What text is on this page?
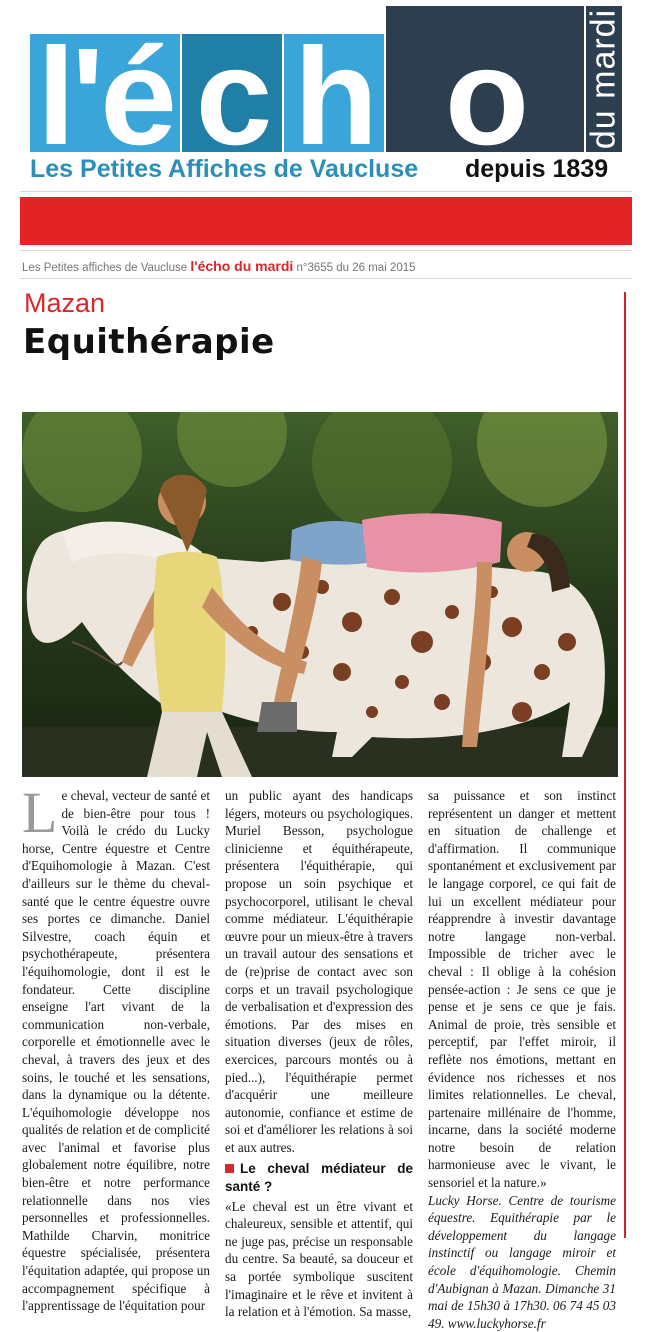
l'é c h o	du mardi
Les Petites Affiches de Vaucluse depuis 1839
Les Petites affiches de Vaucluse l'écho du mardi n°3655 du 26 mai 2015
Mazan
Equithérapie

Le cheval, vecteur de santé et de bien-être pour tous ! Voilà le crédo du Lucky horse, Centre équestre et Centre d'Equihomologie à Mazan. C'est d'ailleurs sur le thème du cheval-santé que le centre équestre ouvre ses portes ce dimanche. Daniel Silvestre, coach équin et psychothérapeute, présentera l'équihomologie, dont il est le fondateur. Cette discipline enseigne l'art vivant de la communication non-verbale, corporelle et émotionnelle avec le cheval, à travers des jeux et des soins, le touché et les sensations, dans la dynamique ou la détente. L'équihomologie développe nos qualités de relation et de complicité avec l'animal et favorise plus globalement notre équilibre, notre bien-être et notre performance relationnelle dans nos vies personnelles et professionnelles. Mathilde Charvin, monitrice équestre spécialisée, présentera l'équitation adaptée, qui propose un accompagnement spécifique à l'apprentissage de l'équitation pour

un public ayant des handicaps légers, moteurs ou psychologiques. Muriel Besson, psychologue clinicienne et équithérapeute, présentera l'équithérapie, qui propose un soin psychique et psychocorporel, utilisant le cheval comme médiateur. L'équithérapie œuvre pour un mieux-être à travers un travail autour des sensations et de (re)prise de contact avec son corps et un travail psychologique de verbalisation et d'expression des émotions. Par des mises en situation diverses (jeux de rôles, exercices, parcours montés ou à pied...), l'équithérapie permet d'acquérir une meilleure autonomie, confiance et estime de soi et d'améliorer les relations à soi et aux autres.

Le cheval médiateur de santé ?

«Le cheval est un être vivant et chaleureux, sensible et attentif, qui ne juge pas, précise un responsable du centre. Sa beauté, sa douceur et sa portée symbolique suscitent l'imaginaire et le rêve et invitent à la relation et à l'émotion. Sa masse,

sa puissance et son instinct représentent un danger et mettent en situation de challenge et d'affirmation. Il communique spontanément et exclusivement par le langage corporel, ce qui fait de lui un excellent médiateur pour réapprendre à investir davantage notre langage non-verbal. Impossible de tricher avec le cheval : Il oblige à la cohésion pensée-action : Je sens ce que je pense et je sens ce que je fais. Animal de proie, très sensible et perceptif, par l'effet miroir, il reflète nos émotions, mettant en évidence nos richesses et nos limites relationnelles. Le cheval, partenaire millénaire de l'homme, incarne, dans la société moderne notre besoin de relation harmonieuse avec le vivant, le sensoriel et la nature.»

Lucky Horse. Centre de tourisme équestre. Equithérapie par le développement du langage instinctif ou langage miroir et école d'équihomologie. Chemin d'Aubignan à Mazan. Dimanche 31 mai de 15h30 à 17h30. 06 74 45 03 49. www.luckyhorse.fr
